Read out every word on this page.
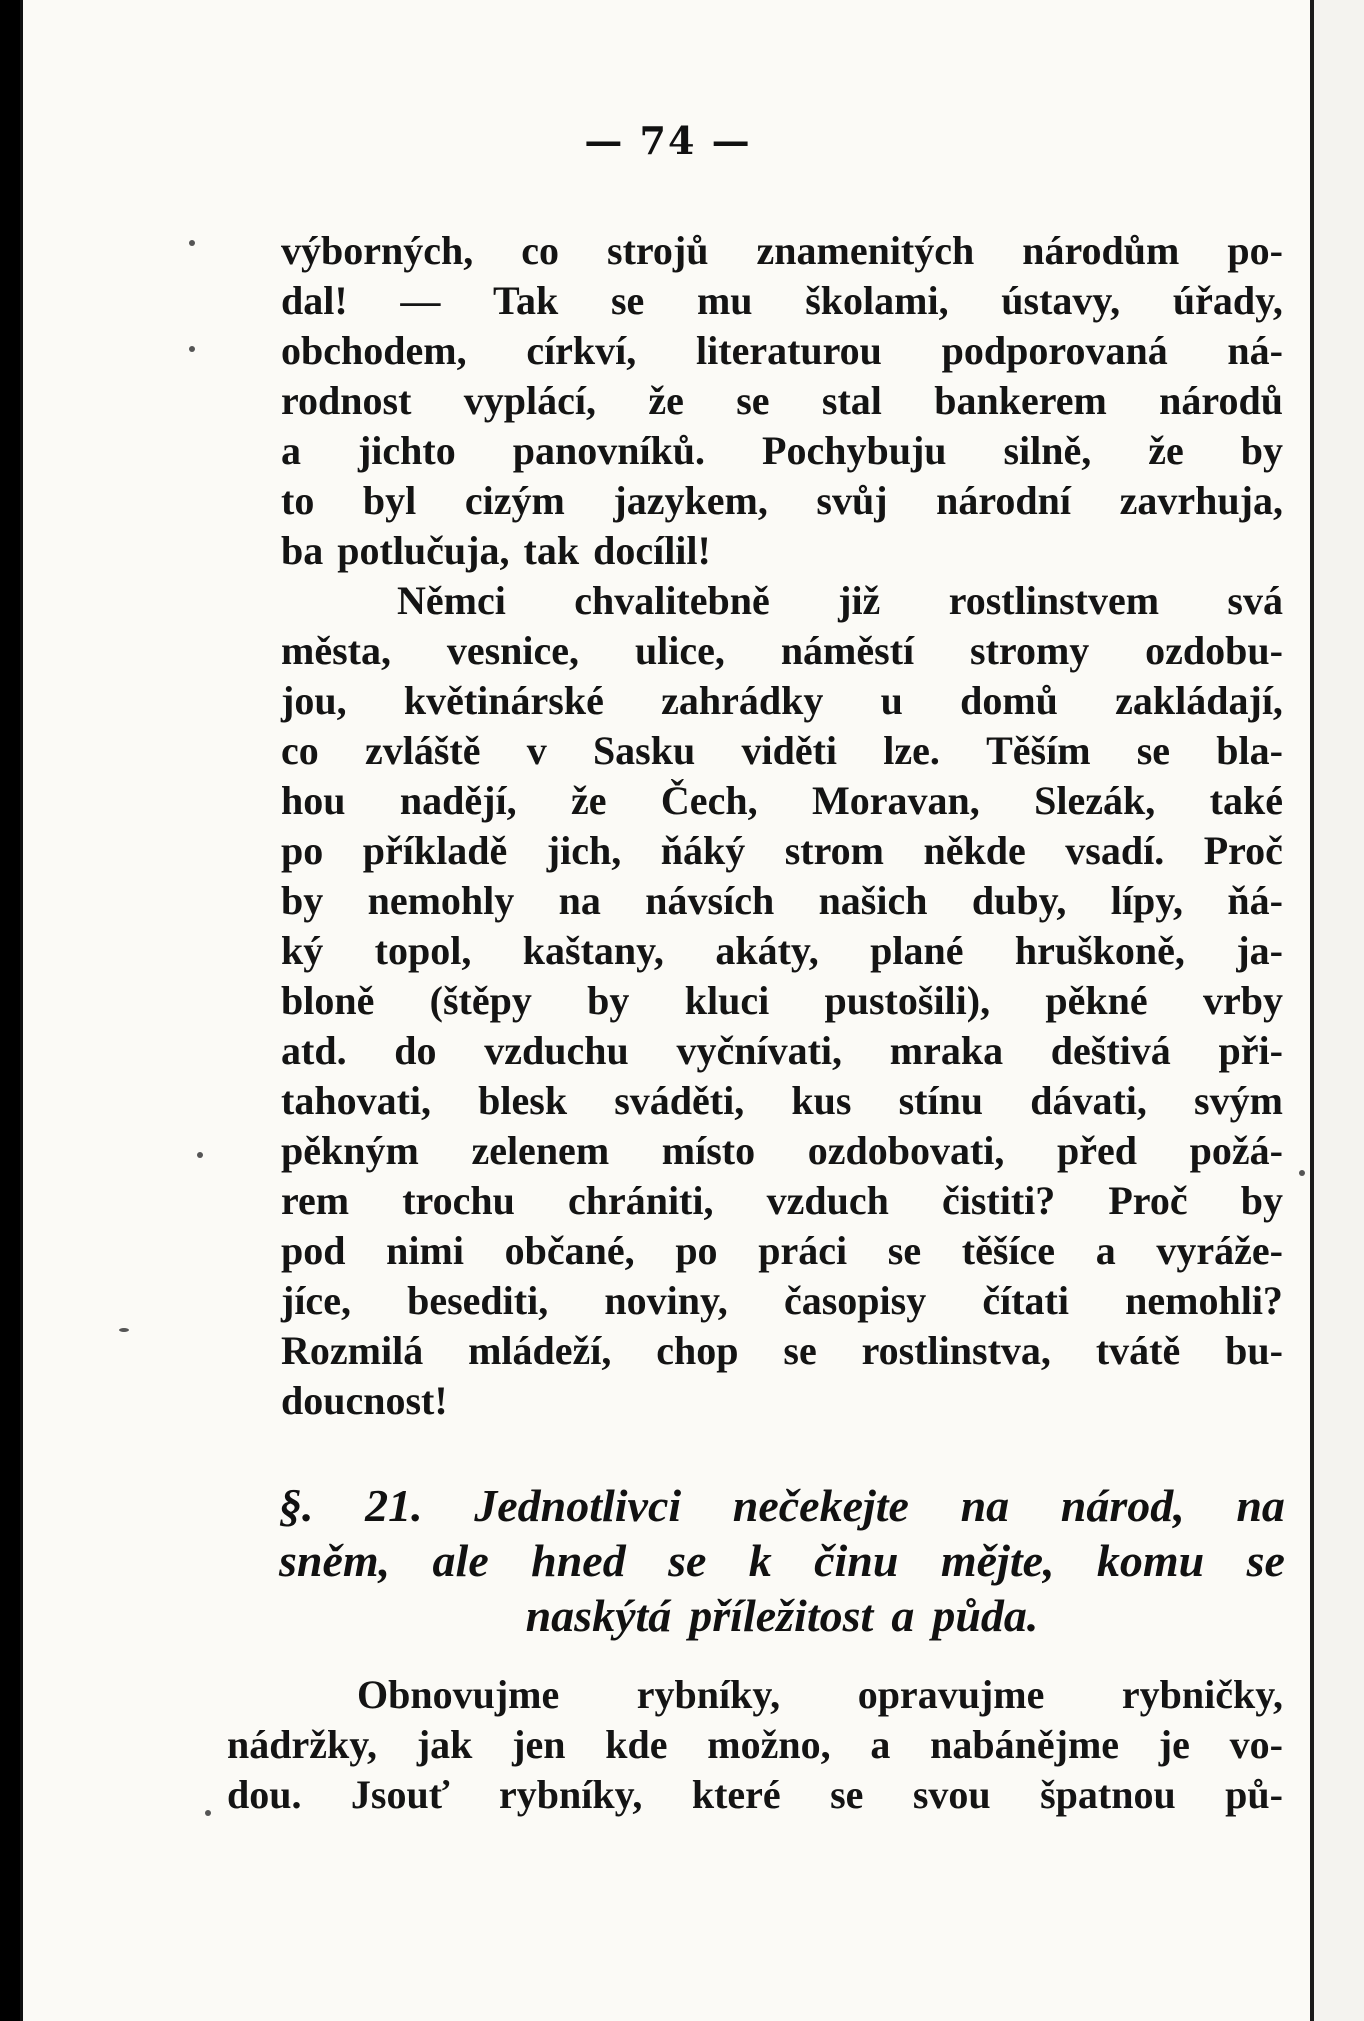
— 74 —
výborných, co strojů znamenitých národům po-
dal! — Tak se mu školami, ústavy, úřady,
obchodem, církví, literaturou podporovaná ná-
rodnost vyplácí, že se stal bankerem národů
a jichto panovníků. Pochybuju silně, že by
to byl cizým jazykem, svůj národní zavrhuja,
ba potlučuja, tak docílil!
Němci chvalitebně již rostlinstvem svá
města, vesnice, ulice, náměstí stromy ozdobu-
jou, květinárské zahrádky u domů zakládají,
co zvláště v Sasku viděti lze. Těším se bla-
hou nadějí, že Čech, Moravan, Slezák, také
po příkladě jich, ňáký strom někde vsadí. Proč
by nemohly na návsích našich duby, lípy, ňá-
ký topol, kaštany, akáty, plané hruškoně, ja-
bloně (štěpy by kluci pustošili), pěkné vrby
atd. do vzduchu vyčnívati, mraka deštivá při-
tahovati, blesk sváděti, kus stínu dávati, svým
pěkným zelenem místo ozdobovati, před požá-
rem trochu chrániti, vzduch čistiti? Proč by
pod nimi občané, po práci se těšíce a vyráže-
jíce, besediti, noviny, časopisy čítati nemohli?
Rozmilá mládeží, chop se rostlinstva, tvátě bu-
doucnost!
§. 21. Jednotlivci nečekejte na národ, na
sněm, ale hned se k činu mějte, komu se
naskýtá příležitost a půda.
Obnovujme rybníky, opravujme rybničky,
nádržky, jak jen kde možno, a nabáněјme je vo-
dou. Jsouť rybníky, které se svou špatnou pů-
